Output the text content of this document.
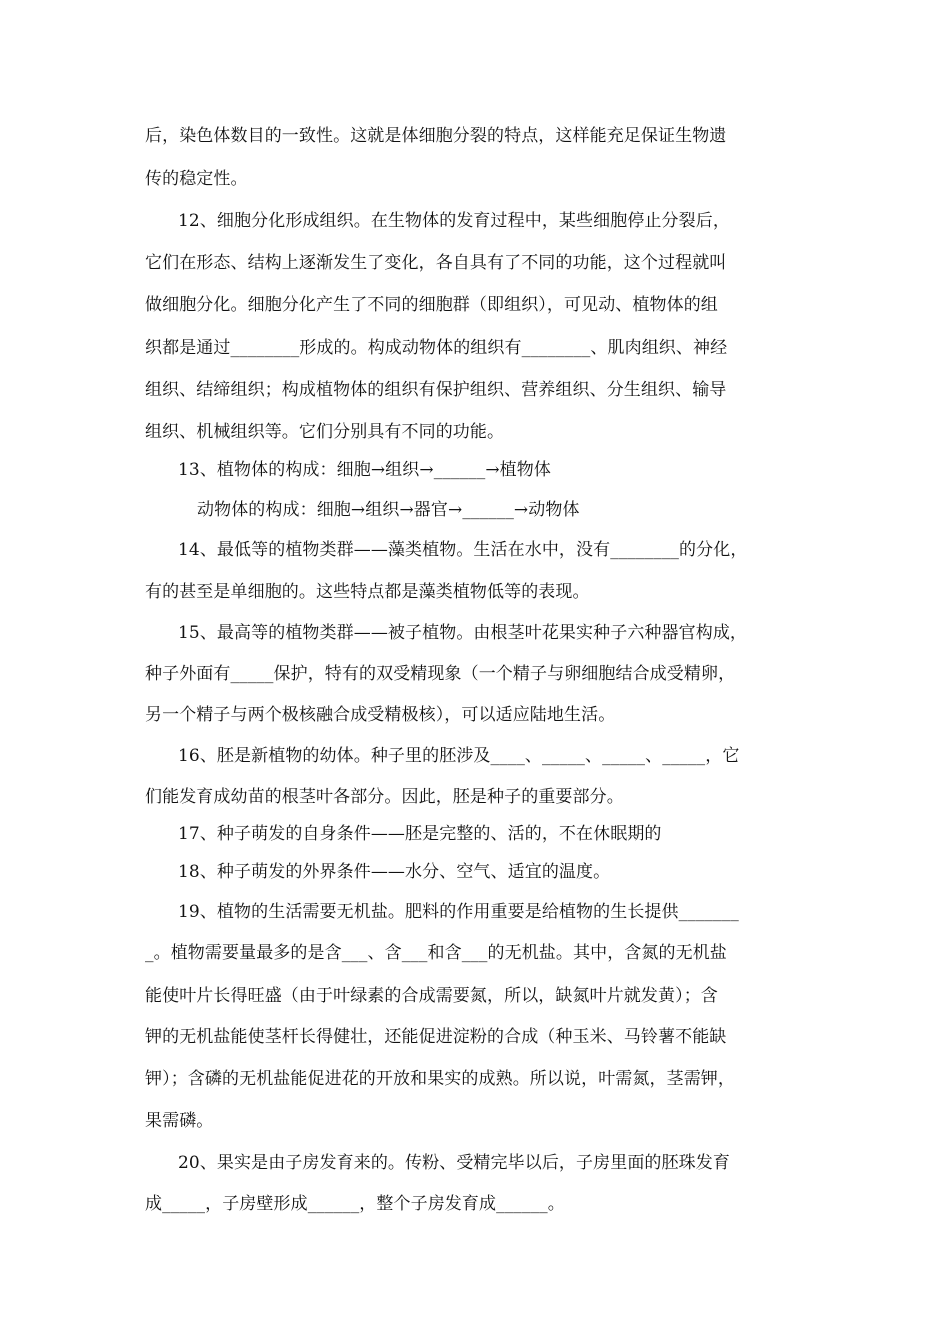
后，染色体数目的一致性。这就是体细胞分裂的特点，这样能充足保证生物遗
传的稳定性。
12、细胞分化形成组织。在生物体的发育过程中，某些细胞停止分裂后，
它们在形态、结构上逐渐发生了变化，各自具有了不同的功能，这个过程就叫
做细胞分化。细胞分化产生了不同的细胞群（即组织），可见动、植物体的组
织都是通过________形成的。构成动物体的组织有________、肌肉组织、神经
组织、结缔组织；构成植物体的组织有保护组织、营养组织、分生组织、输导
组织、机械组织等。它们分别具有不同的功能。
13、植物体的构成：细胞→组织→______→植物体
动物体的构成：细胞→组织→器官→______→动物体
14、最低等的植物类群——藻类植物。生活在水中，没有________的分化，
有的甚至是单细胞的。这些特点都是藻类植物低等的表现。
15、最高等的植物类群——被子植物。由根茎叶花果实种子六种器官构成，
种子外面有_____保护，特有的双受精现象（一个精子与卵细胞结合成受精卵，
另一个精子与两个极核融合成受精极核），可以适应陆地生活。
16、胚是新植物的幼体。种子里的胚涉及____、_____、_____、_____，它
们能发育成幼苗的根茎叶各部分。因此，胚是种子的重要部分。
17、种子萌发的自身条件——胚是完整的、活的，不在休眠期的
18、种子萌发的外界条件——水分、空气、适宜的温度。
19、植物的生活需要无机盐。肥料的作用重要是给植物的生长提供_______
_。植物需要量最多的是含___、含___和含___的无机盐。其中，含氮的无机盐
能使叶片长得旺盛（由于叶绿素的合成需要氮，所以，缺氮叶片就发黄）；含
钾的无机盐能使茎杆长得健壮，还能促进淀粉的合成（种玉米、马铃薯不能缺
钾）；含磷的无机盐能促进花的开放和果实的成熟。所以说，叶需氮，茎需钾，
果需磷。
20、果实是由子房发育来的。传粉、受精完毕以后，子房里面的胚珠发育
成_____，子房壁形成______，整个子房发育成______。
